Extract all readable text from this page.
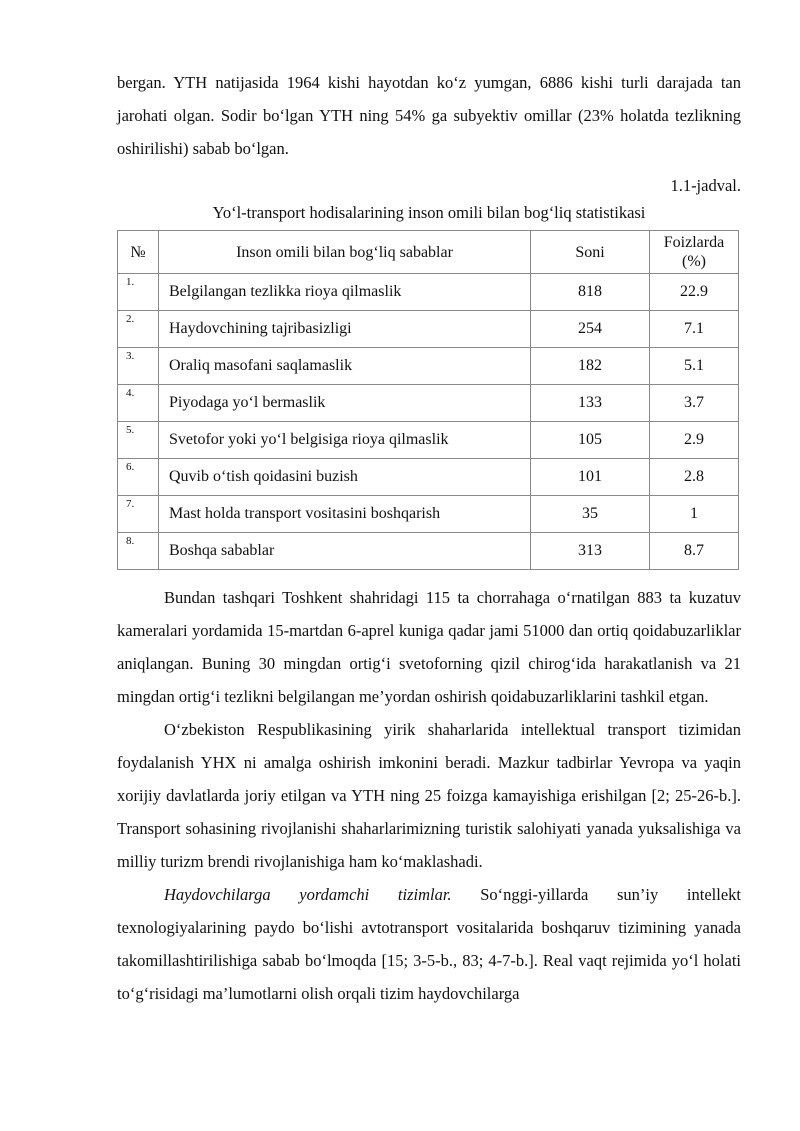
bergan. YTH natijasida 1964 kishi hayotdan ko‘z yumgan, 6886 kishi turli darajada tan jarohati olgan. Sodir bo‘lgan YTH ning 54% ga subyektiv omillar (23% holatda tezlikning oshirilishi) sabab bo‘lgan.

1.1-jadval.
Yo‘l-transport hodisalarining inson omili bilan bog‘liq statistikasi
№	Inson omili bilan bog‘liq sabablar	Soni	Foizlarda (%)
1.	Belgilangan tezlikka rioya qilmaslik	818	22.9
2.	Haydovchining tajribasizligi	254	7.1
3.	Oraliq masofani saqlamaslik	182	5.1
4.	Piyodaga yo‘l bermaslik	133	3.7
5.	Svetofor yoki yo‘l belgisiga rioya qilmaslik	105	2.9
6.	Quvib o‘tish qoidasini buzish	101	2.8
7.	Mast holda transport vositasini boshqarish	35	1
8.	Boshqa sabablar	313	8.7

Bundan tashqari Toshkent shahridagi 115 ta chorrahaga o‘rnatilgan 883 ta kuzatuv kameralari yordamida 15-martdan 6-aprel kuniga qadar jami 51000 dan ortiq qoidabuzarliklar aniqlangan. Buning 30 mingdan ortig‘i svetoforning qizil chirog‘ida harakatlanish va 21 mingdan ortig‘i tezlikni belgilangan me’yordan oshirish qoidabuzarliklarini tashkil etgan.

O‘zbekiston Respublikasining yirik shaharlarida intellektual transport tizimidan foydalanish YHX ni amalga oshirish imkonini beradi. Mazkur tadbirlar Yevropa va yaqin xorijiy davlatlarda joriy etilgan va YTH ning 25 foizga kamayishiga erishilgan [2; 25-26-b.]. Transport sohasining rivojlanishi shaharlarimizning turistik salohiyati yanada yuksalishiga va milliy turizm brendi rivojlanishiga ham ko‘maklashadi.

Haydovchilarga yordamchi tizimlar. So‘nggi-yillarda sun’iy intellekt texnologiyalarining paydo bo‘lishi avtotransport vositalarida boshqaruv tizimining yanada takomillashtirilishiga sabab bo‘lmoqda [15; 3-5-b., 83; 4-7-b.]. Real vaqt rejimida yo‘l holati to‘g‘risidagi ma’lumotlarni olish orqali tizim haydovchilarga
